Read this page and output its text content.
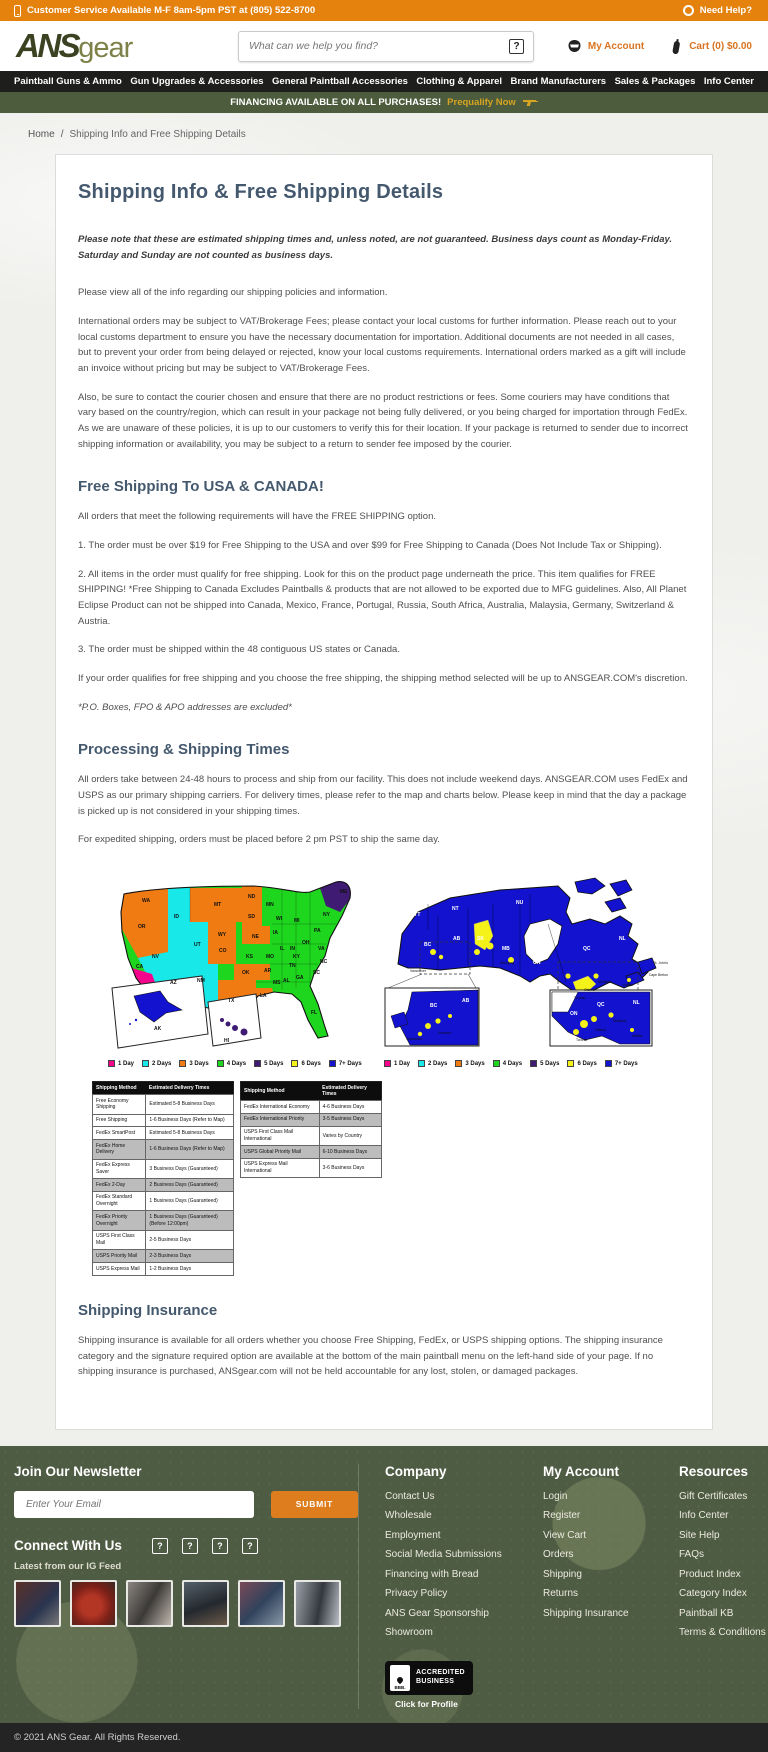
Customer Service Available M-F 8am-5pm PST at (805) 522-8700	Need Help?
ANS gear
What can we help you find?	?	My Account	Cart (0) $0.00
Paintball Guns & Ammo Gun Upgrades & Accessories General Paintball Accessories Clothing & Apparel Brand Manufacturers Sales & Packages Info Center
FINANCING AVAILABLE ON ALL PURCHASES! Prequalify Now
Home / Shipping Info and Free Shipping Details
Shipping Info & Free Shipping Details

Please note that these are estimated shipping times and, unless noted, are not guaranteed. Business days count as Monday-Friday. Saturday and Sunday are not counted as business days.

Please view all of the info regarding our shipping policies and information.

International orders may be subject to VAT/Brokerage Fees; please contact your local customs for further information. Please reach out to your local customs department to ensure you have the necessary documentation for importation. Additional documents are not needed in all cases, but to prevent your order from being delayed or rejected, know your local customs requirements. International orders marked as a gift will include an invoice without pricing but may be subject to VAT/Brokerage Fees.

Also, be sure to contact the courier chosen and ensure that there are no product restrictions or fees. Some couriers may have conditions that vary based on the country/region, which can result in your package not being fully delivered, or you being charged for importation through FedEx. As we are unaware of these policies, it is up to our customers to verify this for their location. If your package is returned to sender due to incorrect shipping information or availability, you may be subject to a return to sender fee imposed by the courier.

Free Shipping To USA & CANADA!

All orders that meet the following requirements will have the FREE SHIPPING option.

1. The order must be over $19 for Free Shipping to the USA and over $99 for Free Shipping to Canada (Does Not Include Tax or Shipping).

2. All items in the order must qualify for free shipping. Look for this on the product page underneath the price. This item qualifies for FREE SHIPPING! *Free Shipping to Canada Excludes Paintballs & products that are not allowed to be exported due to MFG guidelines. Also, All Planet Eclipse Product can not be shipped into Canada, Mexico, France, Portugal, Russia, South Africa, Australia, Malaysia, Germany, Switzerland & Austria.

3. The order must be shipped within the 48 contiguous US states or Canada.

If your order qualifies for free shipping and you choose the free shipping, the shipping method selected will be up to ANSGEAR.COM's discretion.

*P.O. Boxes, FPO & APO addresses are excluded*

Processing & Shipping Times

All orders take between 24-48 hours to process and ship from our facility. This does not include weekend days. ANSGEAR.COM uses FedEx and USPS as our primary shipping carriers. For delivery times, please refer to the map and charts below. Please keep in mind that the day a package is picked up is not considered in your shipping times.

For expedited shipping, orders must be placed before 2 pm PST to ship the same day.

WA
OR
ID
MT
WY
ND
SD
MN
WI MI
NV
UT
CO
NE
IA
IL IN
OH
PA
NY
CA
AZ	NM
KS	MO	KY
VA
OK	AR
TN
NC
SC
TX
LA
MS AL GA
FL
ME
AK
HI
1 Day	2 Days	3 Days	4 Days	5 Days	6 Days	7+ Days
YT
NT
NU
BC
AB	SK
MB
ON
QC
NL
Vancouver
Winnipeg
Toronto
Ottawa
Montreal
Halifax
St. John's
Cape Breton
BC
AB
Vancouver
Kelowna
ON
QC	NL
Toronto
Ottawa
Montreal
Halifax
1 Day	2 Days	3 Days	4 Days	5 Days	6 Days	7+ Days
Shipping Method	Estimated Delivery Times
Free Economy Shipping	Estimated 5-8 Business Days
Free Shipping	1-6 Business Days (Refer to Map)
FedEx SmartPost	Estimated 5-8 Business Days
FedEx Home Delivery	1-6 Business Days (Refer to Map)
FedEx Express Saver	3 Business Days (Guaranteed)
FedEx 2-Day	2 Business Days (Guaranteed)
FedEx Standard Overnight	1 Business Days (Guaranteed)
FedEx Priority Overnight	1 Business Days (Guaranteed) (Before 12:00pm)
USPS First Class Mail	2-5 Business Days
USPS Priority Mail	2-3 Business Days
USPS Express Mail	1-2 Business Days
Shipping Method	Estimated Delivery Times
FedEx International Economy	4-6 Business Days
FedEx International Priority	3-5 Business Days
USPS First Class Mail International	Varies by Country
USPS Global Priority Mail	6-10 Business Days
USPS Express Mail International	3-6 Business Days
Shipping Insurance

Shipping insurance is available for all orders whether you choose Free Shipping, FedEx, or USPS shipping options. The shipping insurance category and the signature required option are available at the bottom of the main paintball menu on the left-hand side of your page. If no shipping insurance is purchased, ANSgear.com will not be held accountable for any lost, stolen, or damaged packages.

Join Our Newsletter
Enter Your Email
SUBMIT
Connect With Us	?	?	?	?
Latest from our IG Feed
Company
Contact Us
Wholesale
Employment
Social Media Submissions
Financing with Bread
Privacy Policy
ANS Gear Sponsorship
Showroom
BBB.
ACCREDITED
BUSINESS
Click for Profile
My Account
Login
Register
View Cart
Orders
Shipping
Returns
Shipping Insurance
Resources
Gift Certificates
Info Center
Site Help
FAQs
Product Index
Category Index
Paintball KB
Terms & Conditions
© 2021 ANS Gear. All Rights Reserved.
